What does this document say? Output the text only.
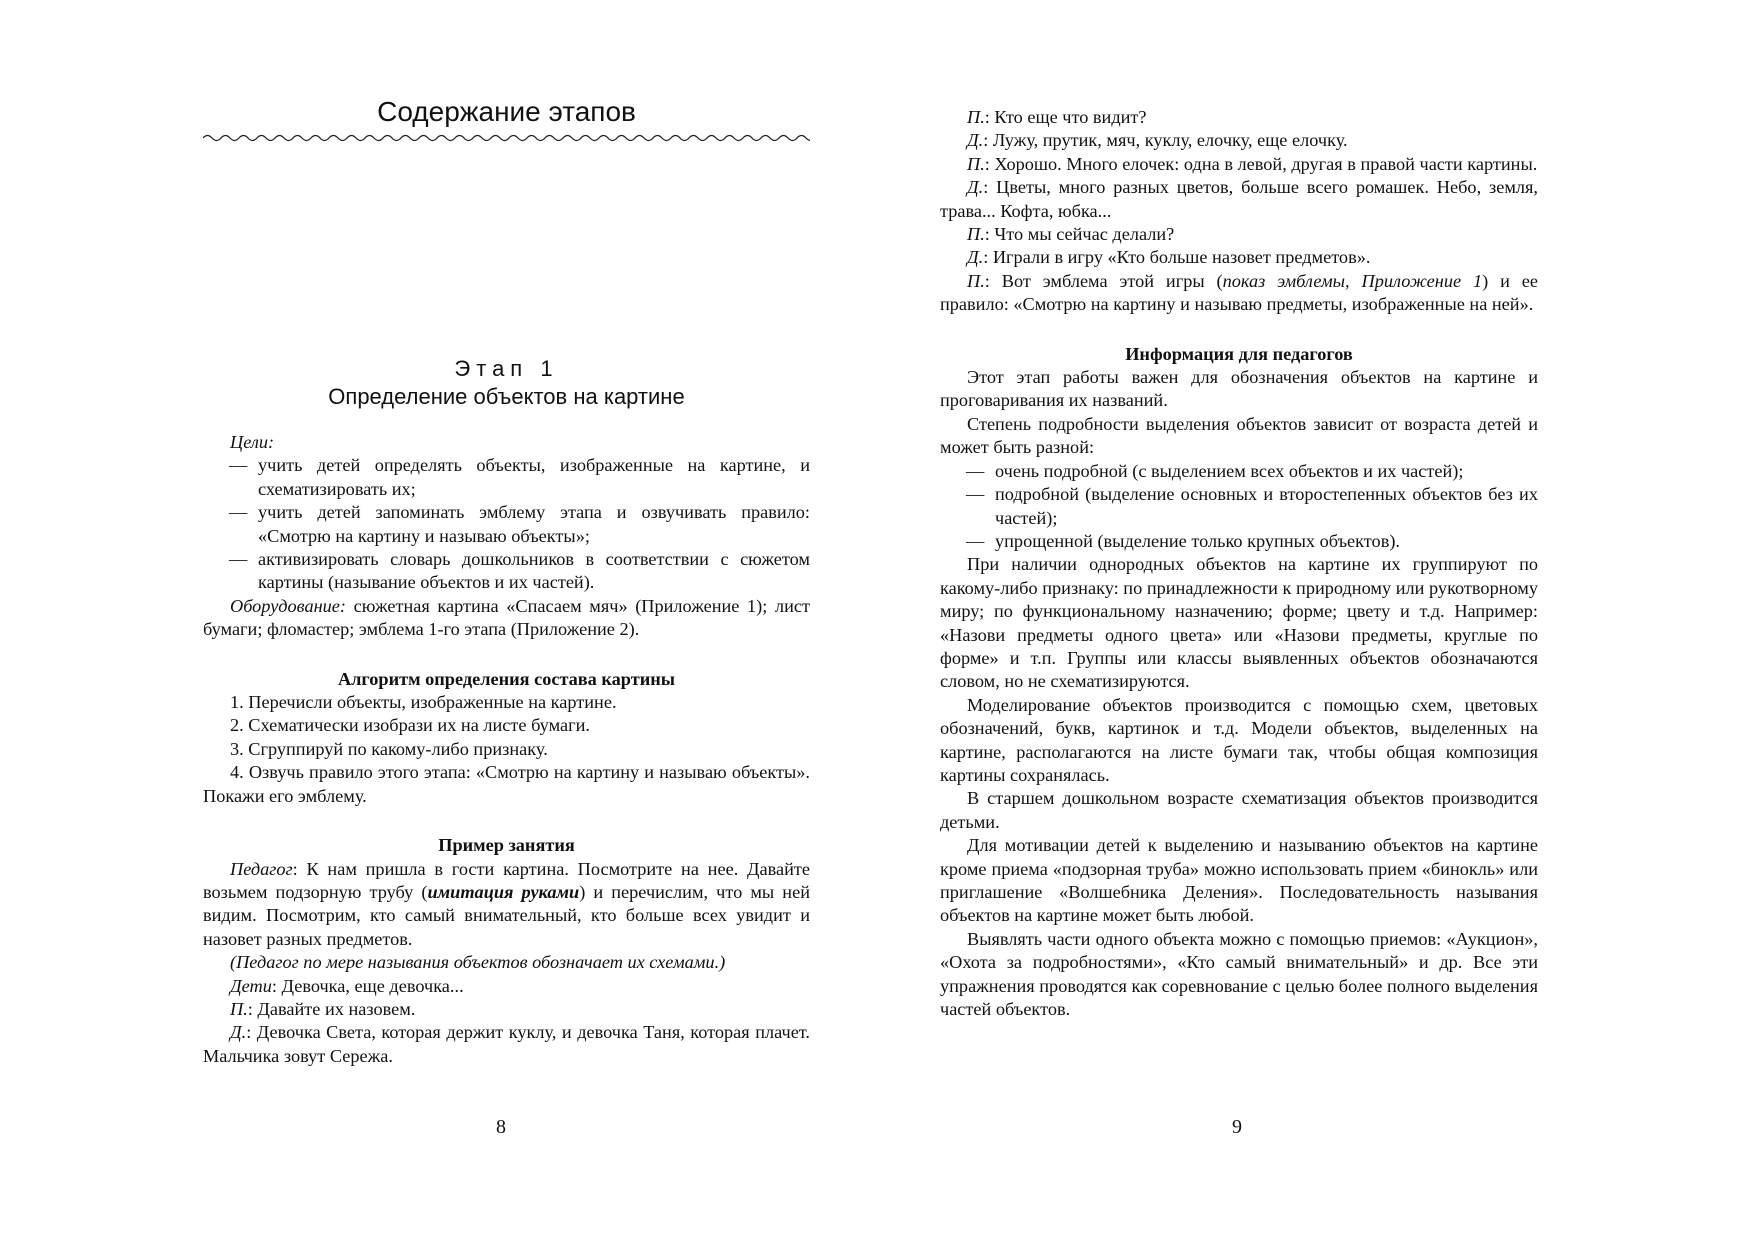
Содержание этапов
Этап 1
Определение объектов на картине

Цели:

— учить детей определять объекты, изображенные на картине, и схематизировать их;
— учить детей запоминать эмблему этапа и озвучивать правило: «Смотрю на картину и называю объекты»;
— активизировать словарь дошкольников в соответствии с сюжетом картины (называние объектов и их частей).

Оборудование: сюжетная картина «Спасаем мяч» (Приложение 1); лист бумаги; фломастер; эмблема 1-го этапа (Приложение 2).

Алгоритм определения состава картины

1. Перечисли объекты, изображенные на картине.

2. Схематически изобрази их на листе бумаги.

3. Сгруппируй по какому-либо признаку.

4. Озвучь правило этого этапа: «Смотрю на картину и называю объекты». Покажи его эмблему.

Пример занятия

Педагог: К нам пришла в гости картина. Посмотрите на нее. Давайте возьмем подзорную трубу (имитация руками) и перечислим, что мы ней видим. Посмотрим, кто самый внимательный, кто больше всех увидит и назовет разных предметов.

(Педагог по мере называния объектов обозначает их схемами.)

Дети: Девочка, еще девочка...

П.: Давайте их назовем.

Д.: Девочка Света, которая держит куклу, и девочка Таня, которая плачет. Мальчика зовут Сережа.

8

П.: Кто еще что видит?

Д.: Лужу, прутик, мяч, куклу, елочку, еще елочку.

П.: Хорошо. Много елочек: одна в левой, другая в правой части картины.

Д.: Цветы, много разных цветов, больше всего ромашек. Небо, земля, трава... Кофта, юбка...

П.: Что мы сейчас делали?

Д.: Играли в игру «Кто больше назовет предметов».

П.: Вот эмблема этой игры (показ эмблемы, Приложение 1) и ее правило: «Смотрю на картину и называю предметы, изображенные на ней».

Информация для педагогов

Этот этап работы важен для обозначения объектов на картине и проговаривания их названий.

Степень подробности выделения объектов зависит от возраста детей и может быть разной:

— очень подробной (с выделением всех объектов и их частей);
— подробной (выделение основных и второстепенных объектов без их частей);
— упрощенной (выделение только крупных объектов).

При наличии однородных объектов на картине их группируют по какому-либо признаку: по принадлежности к природному или рукотворному миру; по функциональному назначению; форме; цвету и т.д. Например: «Назови предметы одного цвета» или «Назови предметы, круглые по форме» и т.п. Группы или классы выявленных объектов обозначаются словом, но не схематизируются.

Моделирование объектов производится с помощью схем, цветовых обозначений, букв, картинок и т.д. Модели объектов, выделенных на картине, располагаются на листе бумаги так, чтобы общая композиция картины сохранялась.

В старшем дошкольном возрасте схематизация объектов производится детьми.

Для мотивации детей к выделению и называнию объектов на картине кроме приема «подзорная труба» можно использовать прием «бинокль» или приглашение «Волшебника Деления». Последовательность называния объектов на картине может быть любой.

Выявлять части одного объекта можно с помощью приемов: «Аукцион», «Охота за подробностями», «Кто самый внимательный» и др. Все эти упражнения проводятся как соревнование с целью более полного выделения частей объектов.

9
